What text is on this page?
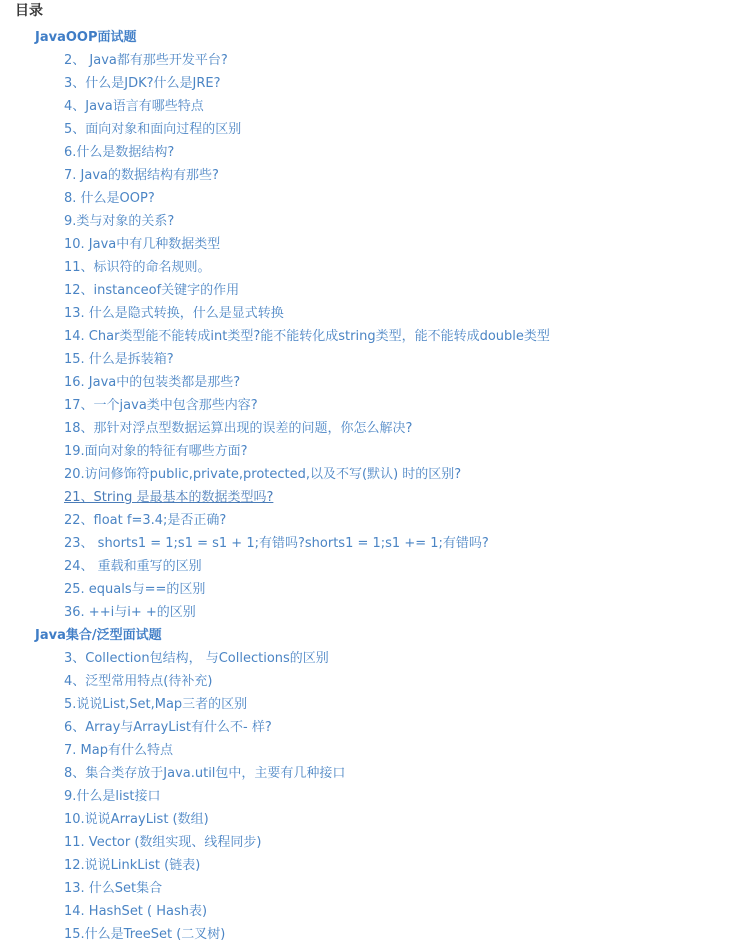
目录
JavaOOP面试题
2、 Java都有那些开发平台?
3、什么是JDK?什么是JRE?
4、Java语言有哪些特点
5、面向对象和面向过程的区别
6.什么是数据结构?
7. Java的数据结构有那些?
8. 什么是OOP?
9.类与对象的关系?
10. Java中有几种数据类型
11、标识符的命名规则。
12、instanceof关键字的作用
13. 什么是隐式转换，什么是显式转换
14. Char类型能不能转成int类型?能不能转化成string类型，能不能转成double类型
15. 什么是拆装箱?
16. Java中的包装类都是那些?
17、一个java类中包含那些内容?
18、那针对浮点型数据运算出现的误差的问题，你怎么解决?
19.面向对象的特征有哪些方面?
20.访问修饰符public,private,protected,以及不写(默认) 时的区别?
21、String 是最基本的数据类型吗?
22、float f=3.4;是否正确?
23、 shorts1 = 1;s1 = s1 + 1;有错吗?shorts1 = 1;s1 += 1;有错吗?
24、 重载和重写的区别
25. equals与==的区别
36. ++i与i+ +的区别
Java集合/泛型面试题
3、Collection包结构， 与Collections的区别
4、泛型常用特点(待补充)
5.说说List,Set,Map三者的区别
6、Array与ArrayList有什么不- 样?
7. Map有什么特点
8、集合类存放于Java.util包中，主要有几种接口
9.什么是list接口
10.说说ArrayList (数组)
11. Vector (数组实现、线程同步)
12.说说LinkList (链表)
13. 什么Set集合
14. HashSet ( Hash表)
15.什么是TreeSet (二叉树)
